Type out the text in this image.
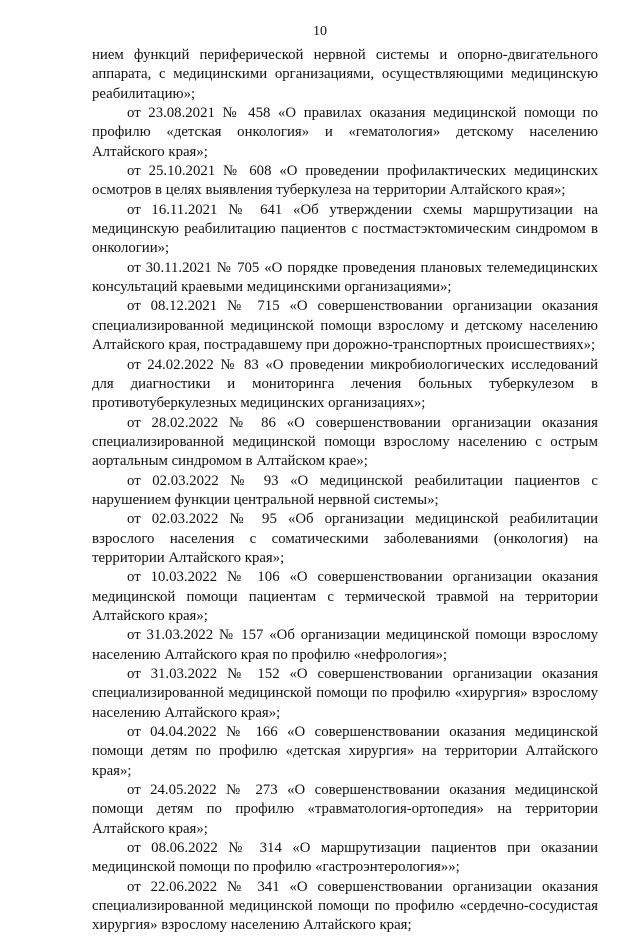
10

нием функций периферической нервной системы и опорно-двигательного аппарата, с медицинскими организациями, осуществляющими медицинскую реабилитацию»;

от 23.08.2021 № 458 «О правилах оказания медицинской помощи по профилю «детская онкология» и «гематология» детскому населению Алтайского края»;

от 25.10.2021 № 608 «О проведении профилактических медицинских осмотров в целях выявления туберкулеза на территории Алтайского края»;

от 16.11.2021 № 641 «Об утверждении схемы маршрутизации на медицинскую реабилитацию пациентов с постмастэктомическим синдромом в онкологии»;

от 30.11.2021 № 705 «О порядке проведения плановых телемедицинских консультаций краевыми медицинскими организациями»;

от 08.12.2021 № 715 «О совершенствовании организации оказания специализированной медицинской помощи взрослому и детскому населению Алтайского края, пострадавшему при дорожно-транспортных происшествиях»;

от 24.02.2022 № 83 «О проведении микробиологических исследований для диагностики и мониторинга лечения больных туберкулезом в противотуберкулезных медицинских организациях»;

от 28.02.2022 № 86 «О совершенствовании организации оказания специализированной медицинской помощи взрослому населению с острым аортальным синдромом в Алтайском крае»;

от 02.03.2022 № 93 «О медицинской реабилитации пациентов с нарушением функции центральной нервной системы»;

от 02.03.2022 № 95 «Об организации медицинской реабилитации взрослого населения с соматическими заболеваниями (онкология) на территории Алтайского края»;

от 10.03.2022 № 106 «О совершенствовании организации оказания медицинской помощи пациентам с термической травмой на территории Алтайского края»;

от 31.03.2022 № 157 «Об организации медицинской помощи взрослому населению Алтайского края по профилю «нефрология»;

от 31.03.2022 № 152 «О совершенствовании организации оказания специализированной медицинской помощи по профилю «хирургия» взрослому населению Алтайского края»;

от 04.04.2022 № 166 «О совершенствовании оказания медицинской помощи детям по профилю «детская хирургия» на территории Алтайского края»;

от 24.05.2022 № 273 «О совершенствовании оказания медицинской помощи детям по профилю «травматология-ортопедия» на территории Алтайского края»;

от 08.06.2022 № 314 «О маршрутизации пациентов при оказании медицинской помощи по профилю «гастроэнтерология»»;

от 22.06.2022 № 341 «О совершенствовании организации оказания специализированной медицинской помощи по профилю «сердечно-сосудистая хирургия» взрослому населению Алтайского края;
